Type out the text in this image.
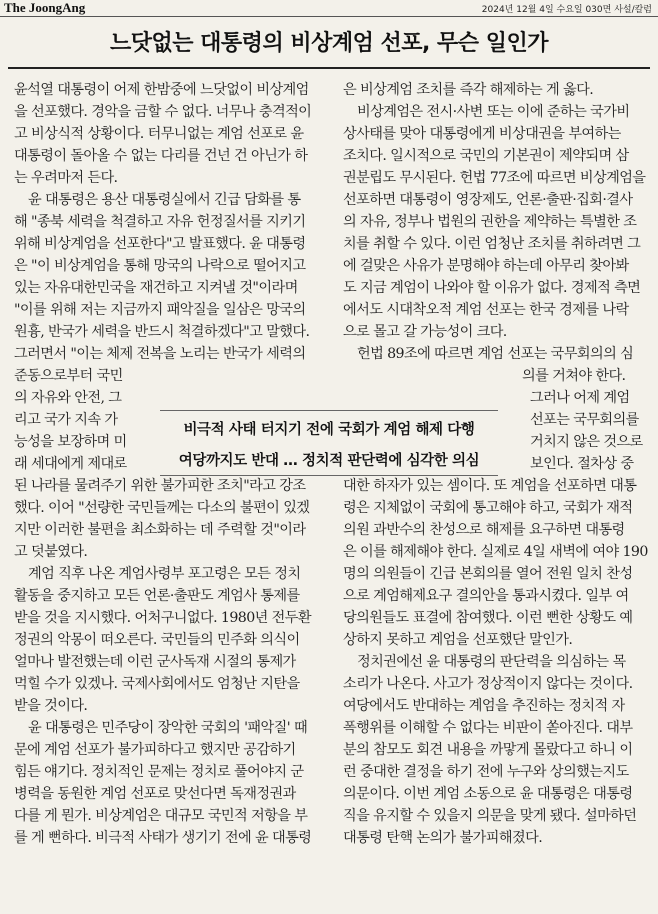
The JoongAng	2024년 12월 4일 수요일 030면 사설/칼럼
느닷없는 대통령의 비상계엄 선포, 무슨 일인가
윤석열 대통령이 어제 한밤중에 느닷없이 비상계엄
을 선포했다. 경악을 금할 수 없다. 너무나 충격적이
고 비상식적 상황이다. 터무니없는 계엄 선포로 윤
대통령이 돌아올 수 없는 다리를 건넌 건 아닌가 하
는 우려마저 든다.
윤 대통령은 용산 대통령실에서 긴급 담화를 통
해 "종북 세력을 척결하고 자유 헌정질서를 지키기
위해 비상계엄을 선포한다"고 발표했다. 윤 대통령
은 "이 비상계엄을 통해 망국의 나락으로 떨어지고
있는 자유대한민국을 재건하고 지켜낼 것"이라며
"이를 위해 저는 지금까지 패악질을 일삼은 망국의
원흉, 반국가 세력을 반드시 척결하겠다"고 말했다.
그러면서 "이는 체제 전복을 노리는 반국가 세력의
준동으로부터 국민
의 자유와 안전, 그
리고 국가 지속 가
능성을 보장하며 미
래 세대에게 제대로
된 나라를 물려주기 위한 불가피한 조치"라고 강조
했다. 이어 "선량한 국민들께는 다소의 불편이 있겠
지만 이러한 불편을 최소화하는 데 주력할 것"이라
고 덧붙였다.
계엄 직후 나온 계엄사령부 포고령은 모든 정치
활동을 중지하고 모든 언론·출판도 계엄사 통제를
받을 것을 지시했다. 어처구니없다. 1980년 전두환
정권의 악몽이 떠오른다. 국민들의 민주화 의식이
얼마나 발전했는데 이런 군사독재 시절의 통제가
먹힐 수가 있겠나. 국제사회에서도 엄청난 지탄을
받을 것이다.
윤 대통령은 민주당이 장악한 국회의 '패악질' 때
문에 계엄 선포가 불가피하다고 했지만 공감하기
힘든 얘기다. 정치적인 문제는 정치로 풀어야지 군
병력을 동원한 계엄 선포로 맞선다면 독재정권과
다를 게 뭔가. 비상계엄은 대규모 국민적 저항을 부
를 게 뻔하다. 비극적 사태가 생기기 전에 윤 대통령
은 비상계엄 조치를 즉각 해제하는 게 옳다.
비상계엄은 전시·사변 또는 이에 준하는 국가비
상사태를 맞아 대통령에게 비상대권을 부여하는
조치다. 일시적으로 국민의 기본권이 제약되며 삼
권분립도 무시된다. 헌법 77조에 따르면 비상계엄을
선포하면 대통령이 영장제도, 언론·출판·집회·결사
의 자유, 정부나 법원의 권한을 제약하는 특별한 조
치를 취할 수 있다. 이런 엄청난 조치를 취하려면 그
에 걸맞은 사유가 분명해야 하는데 아무리 찾아봐
도 지금 계엄이 나와야 할 이유가 없다. 경제적 측면
에서도 시대착오적 계엄 선포는 한국 경제를 나락
으로 몰고 갈 가능성이 크다.
헌법 89조에 따르면 계엄 선포는 국무회의의 심
의를 거쳐야 한다.
그러나 어제 계엄
선포는 국무회의를
거치지 않은 것으로
보인다. 절차상 중
대한 하자가 있는 셈이다. 또 계엄을 선포하면 대통
령은 지체없이 국회에 통고해야 하고, 국회가 재적
의원 과반수의 찬성으로 해제를 요구하면 대통령
은 이를 해제해야 한다. 실제로 4일 새벽에 여야 190
명의 의원들이 긴급 본회의를 열어 전원 일치 찬성
으로 계엄해제요구 결의안을 통과시켰다. 일부 여
당의원들도 표결에 참여했다. 이런 뻔한 상황도 예
상하지 못하고 계엄을 선포했단 말인가.
정치권에선 윤 대통령의 판단력을 의심하는 목
소리가 나온다. 사고가 정상적이지 않다는 것이다.
여당에서도 반대하는 계엄을 추진하는 정치적 자
폭행위를 이해할 수 없다는 비판이 쏟아진다. 대부
분의 참모도 회견 내용을 까맣게 몰랐다고 하니 이
런 중대한 결정을 하기 전에 누구와 상의했는지도
의문이다. 이번 계엄 소동으로 윤 대통령은 대통령
직을 유지할 수 있을지 의문을 맞게 됐다. 설마하던
대통령 탄핵 논의가 불가피해졌다.
비극적 사태 터지기 전에 국회가 계엄 해제 다행
여당까지도 반대 … 정치적 판단력에 심각한 의심
